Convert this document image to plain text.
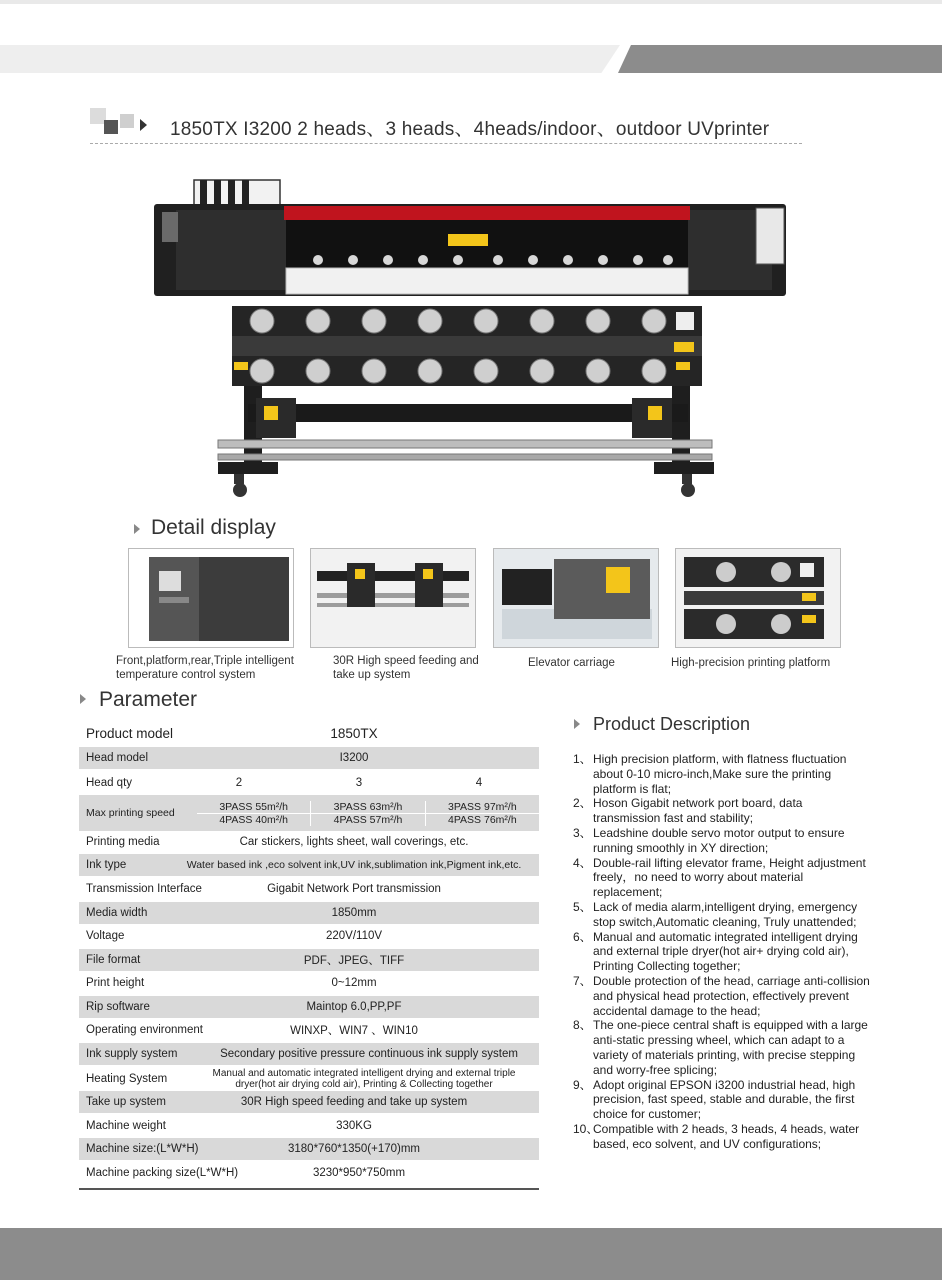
1850TX I3200 2 heads、3 heads、4heads/indoor、outdoor UVprinter
Detail display
Front,platform,rear,Triple intelligent temperature control system
30R High speed feeding and take up system
Elevator carriage	High-precision printing platform
Parameter
Product model	1850TX
Head model	I3200
Head qty	2	3	4
Max printing speed
3PASS 55m²/h	3PASS 63m²/h	3PASS 97m²/h
4PASS 40m²/h	4PASS 57m²/h	4PASS 76m²/h
Printing media	Car stickers, lights sheet, wall coverings, etc.
Ink type	Water based ink ,eco solvent ink,UV ink,sublimation ink,Pigment ink,etc.
Transmission Interface	Gigabit Network Port transmission
Media width	1850mm
Voltage	220V/110V
File format	PDF、JPEG、TIFF
Print height	0~12mm
Rip software	Maintop 6.0,PP,PF
Operating environment	WINXP、WIN7 、WIN10
Ink supply system	Secondary positive pressure continuous ink supply system
Heating System	Manual and automatic integrated intelligent drying and external triple dryer(hot air drying cold air), Printing & Collecting together
Take up system	30R High speed feeding and take up system
Machine weight	330KG
Machine size:(L*W*H)	3180*760*1350(+170)mm
Machine packing size(L*W*H)	3230*950*750mm
Product Description
1、 High precision platform, with flatness fluctuation about 0-10 micro-inch,Make sure the printing platform is flat;
2、 Hoson Gigabit network port board, data transmission fast and stability;
3、 Leadshine double servo motor output to ensure running smoothly in XY direction;
4、 Double-rail lifting elevator frame, Height adjustment freely，no need to worry about material replacement;
5、 Lack of media alarm,intelligent drying, emergency stop switch,Automatic cleaning, Truly unattended;
6、 Manual and automatic integrated intelligent drying and external triple dryer(hot air+ drying cold air), Printing Collecting together;
7、 Double protection of the head, carriage anti-collision and physical head protection, effectively prevent accidental damage to the head;
8、 The one-piece central shaft is equipped with a large anti-static pressing wheel, which can adapt to a variety of materials printing, with precise stepping and worry-free splicing;
9、 Adopt original EPSON i3200 industrial head, high precision, fast speed, stable and durable, the first choice for customer;
10、
Compatible with 2 heads, 3 heads, 4 heads, water based, eco solvent, and UV configurations;
